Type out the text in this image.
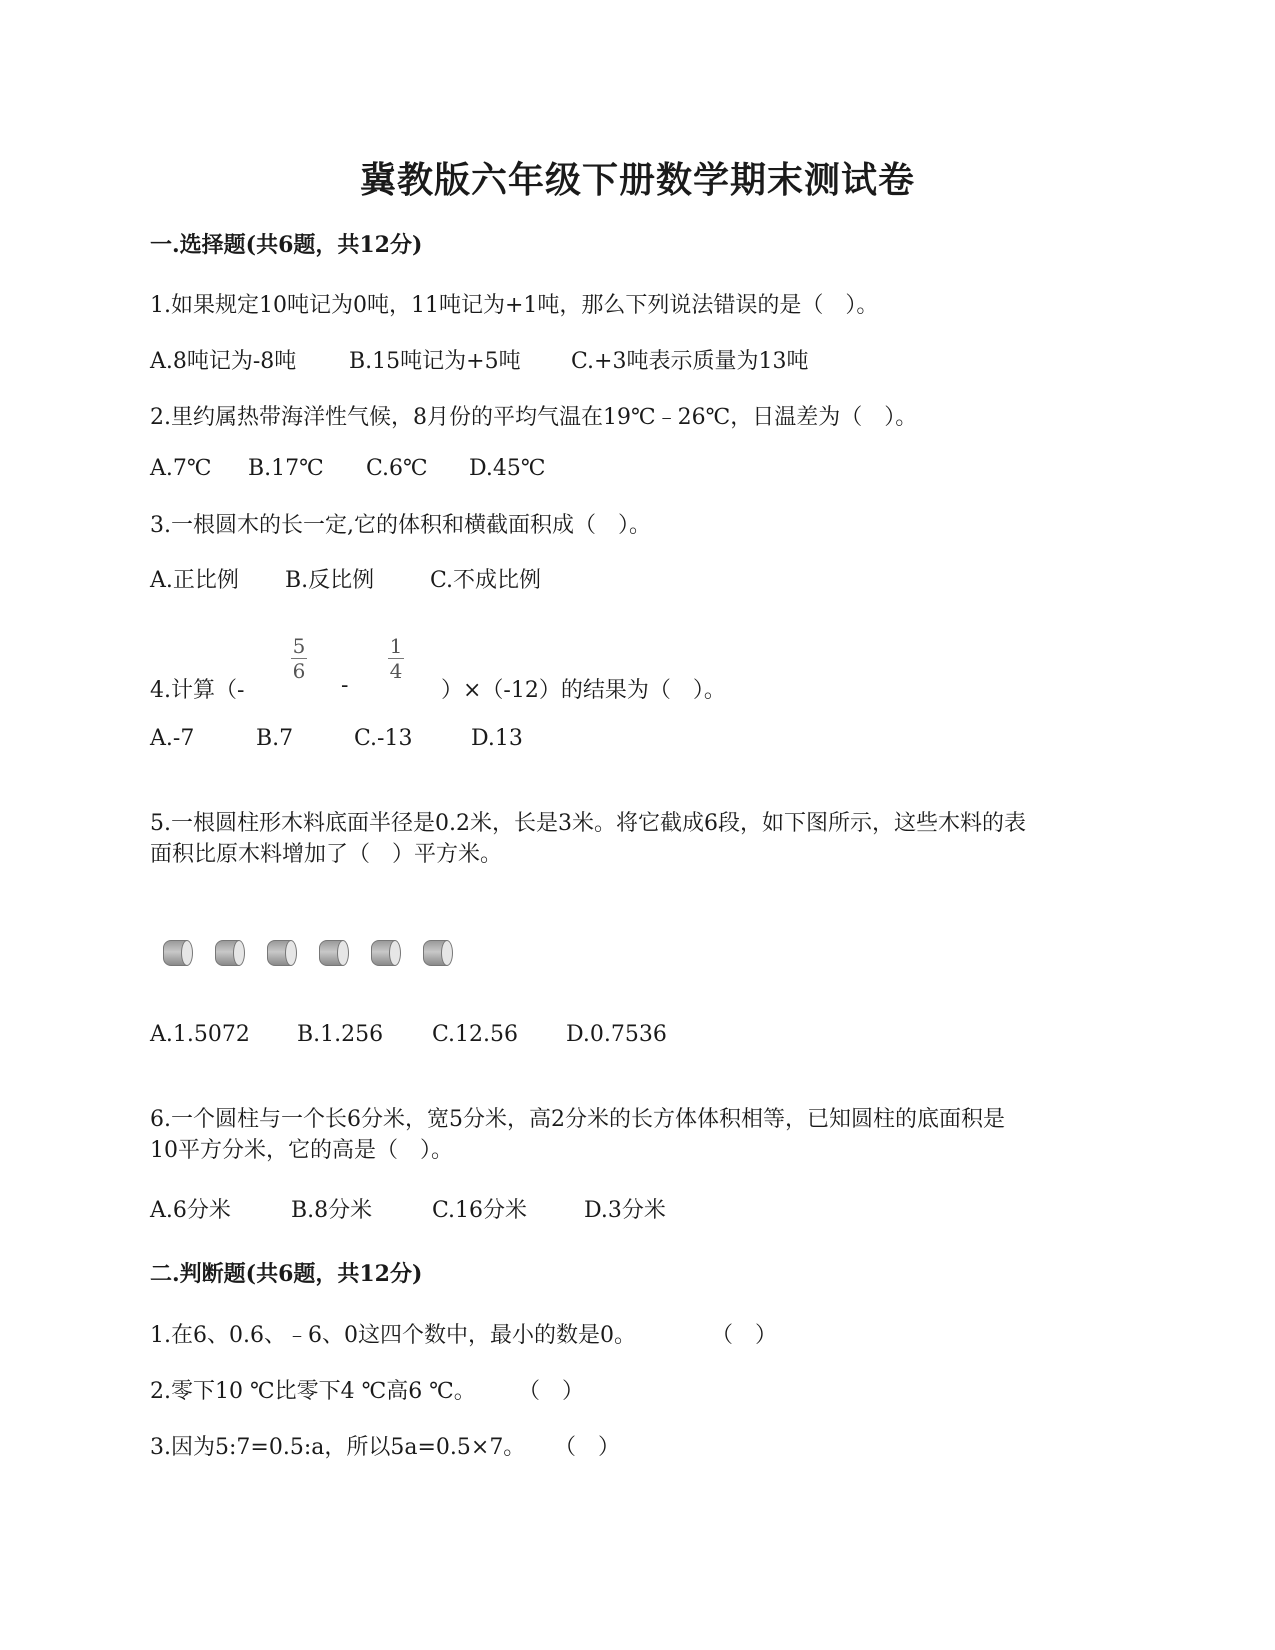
冀教版六年级下册数学期末测试卷
一.选择题(共6题，共12分)
1.如果规定10吨记为0吨，11吨记为+1吨，那么下列说法错误的是（　）。
A.8吨记为-8吨 B.15吨记为+5吨 C.+3吨表示质量为13吨
2.里约属热带海洋性气候，8月份的平均气温在19℃﹣26℃，日温差为（　）。
A.7℃ B.17℃ C.6℃ D.45℃
3.一根圆木的长一定,它的体积和横截面积成（　）。
A.正比例 B.反比例	C.不成比例
4.计算（-
5
6
-
1
4
）×（-12）的结果为（　）。
A.-7	B.7	C.-13	D.13
5.一根圆柱形木料底面半径是0.2米，长是3米。将它截成6段，如下图所示，这些木料的表
面积比原木料增加了（　）平方米。
A.1.5072 B.1.256 C.12.56 D.0.7536
6.一个圆柱与一个长6分米，宽5分米，高2分米的长方体体积相等，已知圆柱的底面积是
10平方分米，它的高是（　）。
A.6分米	B.8分米	C.16分米	D.3分米
二.判断题(共6题，共12分)
1.在6、0.6、﹣6、0这四个数中，最小的数是0。	（　）
2.零下10 ℃比零下4 ℃高6 ℃。 （　）
3.因为5:7=0.5:a，所以5a=0.5×7。 （　）
